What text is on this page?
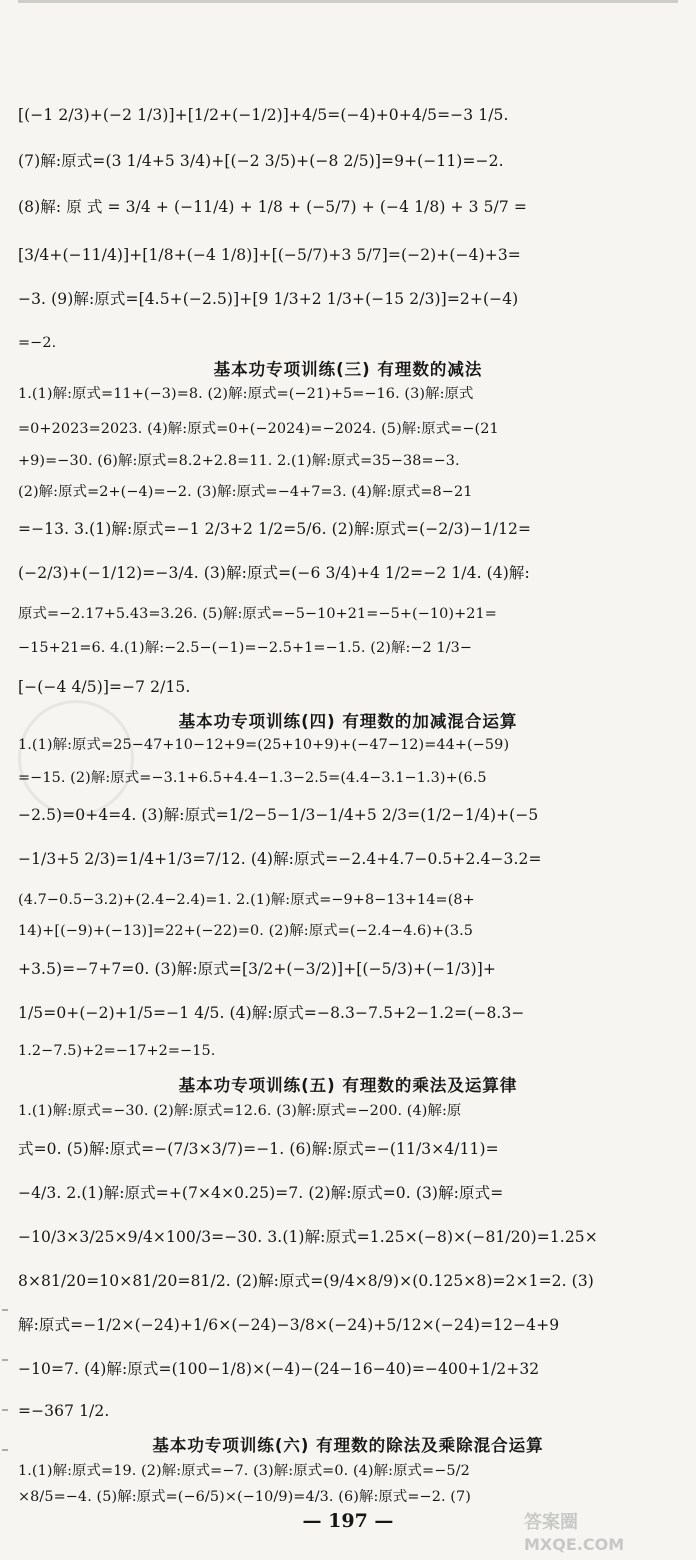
[(−1 2/3)+(−2 1/3)]+[1/2+(−1/2)]+4/5=(−4)+0+4/5=−3 1/5.
(7)解:原式=(3 1/4+5 3/4)+[(−2 3/5)+(−8 2/5)]=9+(−11)=−2.
(8)解: 原 式 = 3/4 + (−11/4) + 1/8 + (−5/7) + (−4 1/8) + 3 5/7 =
[3/4+(−11/4)]+[1/8+(−4 1/8)]+[(−5/7)+3 5/7]=(−2)+(−4)+3=
−3. (9)解:原式=[4.5+(−2.5)]+[9 1/3+2 1/3+(−15 2/3)]=2+(−4)
=−2.
基本功专项训练(三) 有理数的减法
1.(1)解:原式=11+(−3)=8. (2)解:原式=(−21)+5=−16. (3)解:原式
=0+2023=2023. (4)解:原式=0+(−2024)=−2024. (5)解:原式=−(21
+9)=−30. (6)解:原式=8.2+2.8=11. 2.(1)解:原式=35−38=−3.
(2)解:原式=2+(−4)=−2. (3)解:原式=−4+7=3. (4)解:原式=8−21
=−13. 3.(1)解:原式=−1 2/3+2 1/2=5/6. (2)解:原式=(−2/3)−1/12=
(−2/3)+(−1/12)=−3/4. (3)解:原式=(−6 3/4)+4 1/2=−2 1/4. (4)解:
原式=−2.17+5.43=3.26. (5)解:原式=−5−10+21=−5+(−10)+21=
−15+21=6. 4.(1)解:−2.5−(−1)=−2.5+1=−1.5. (2)解:−2 1/3−
[−(−4 4/5)]=−7 2/15.
基本功专项训练(四) 有理数的加减混合运算
1.(1)解:原式=25−47+10−12+9=(25+10+9)+(−47−12)=44+(−59)
=−15. (2)解:原式=−3.1+6.5+4.4−1.3−2.5=(4.4−3.1−1.3)+(6.5
−2.5)=0+4=4. (3)解:原式=1/2−5−1/3−1/4+5 2/3=(1/2−1/4)+(−5
−1/3+5 2/3)=1/4+1/3=7/12. (4)解:原式=−2.4+4.7−0.5+2.4−3.2=
(4.7−0.5−3.2)+(2.4−2.4)=1. 2.(1)解:原式=−9+8−13+14=(8+
14)+[(−9)+(−13)]=22+(−22)=0. (2)解:原式=(−2.4−4.6)+(3.5
+3.5)=−7+7=0. (3)解:原式=[3/2+(−3/2)]+[(−5/3)+(−1/3)]+
1/5=0+(−2)+1/5=−1 4/5. (4)解:原式=−8.3−7.5+2−1.2=(−8.3−
1.2−7.5)+2=−17+2=−15.
基本功专项训练(五) 有理数的乘法及运算律
1.(1)解:原式=−30. (2)解:原式=12.6. (3)解:原式=−200. (4)解:原
式=0. (5)解:原式=−(7/3×3/7)=−1. (6)解:原式=−(11/3×4/11)=
−4/3. 2.(1)解:原式=+(7×4×0.25)=7. (2)解:原式=0. (3)解:原式=
−10/3×3/25×9/4×100/3=−30. 3.(1)解:原式=1.25×(−8)×(−81/20)=1.25×
8×81/20=10×81/20=81/2. (2)解:原式=(9/4×8/9)×(0.125×8)=2×1=2. (3)
解:原式=−1/2×(−24)+1/6×(−24)−3/8×(−24)+5/12×(−24)=12−4+9
−10=7. (4)解:原式=(100−1/8)×(−4)−(24−16−40)=−400+1/2+32
=−367 1/2.
基本功专项训练(六) 有理数的除法及乘除混合运算
1.(1)解:原式=19. (2)解:原式=−7. (3)解:原式=0. (4)解:原式=−5/2
×8/5=−4. (5)解:原式=(−6/5)×(−10/9)=4/3. (6)解:原式=−2. (7)
— 197 —	答案圈
MXQE.COM
